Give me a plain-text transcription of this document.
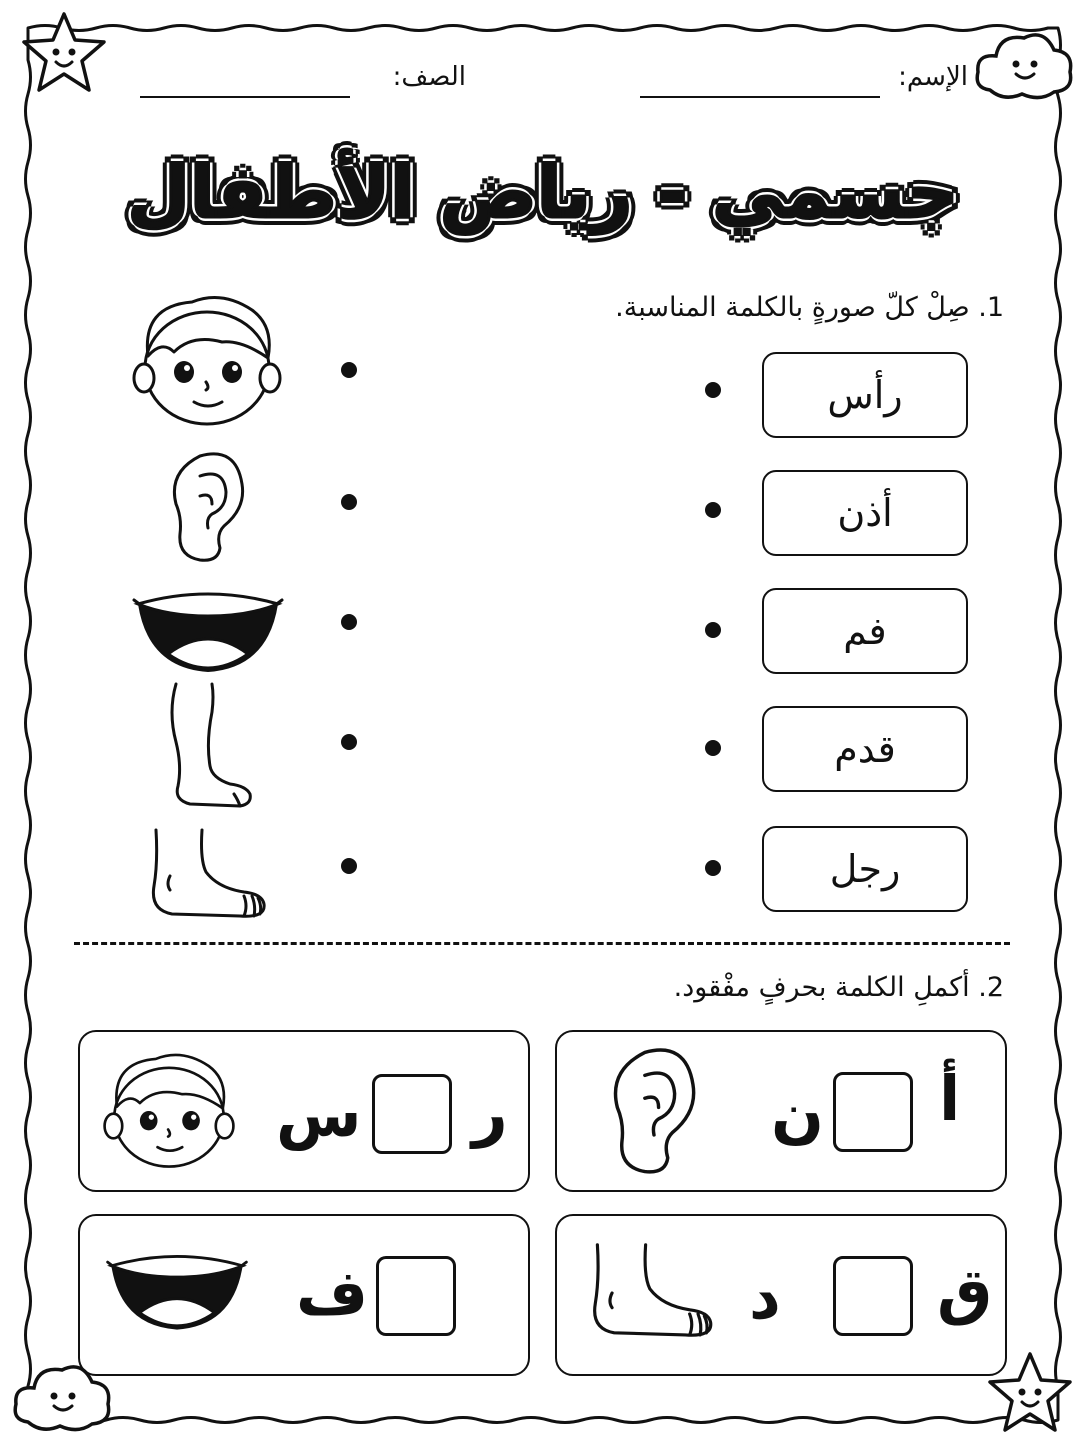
الإسم:
الصف:
جسمي - رياض الأطفال
1. صِلْ كلّ صورةٍ بالكلمة المناسبة.
رأس
أذن
فم
قدم
رجل
2. أكملِ الكلمة بحرفٍ مفْقود.
س ر	ن أ
ف	د	ق
